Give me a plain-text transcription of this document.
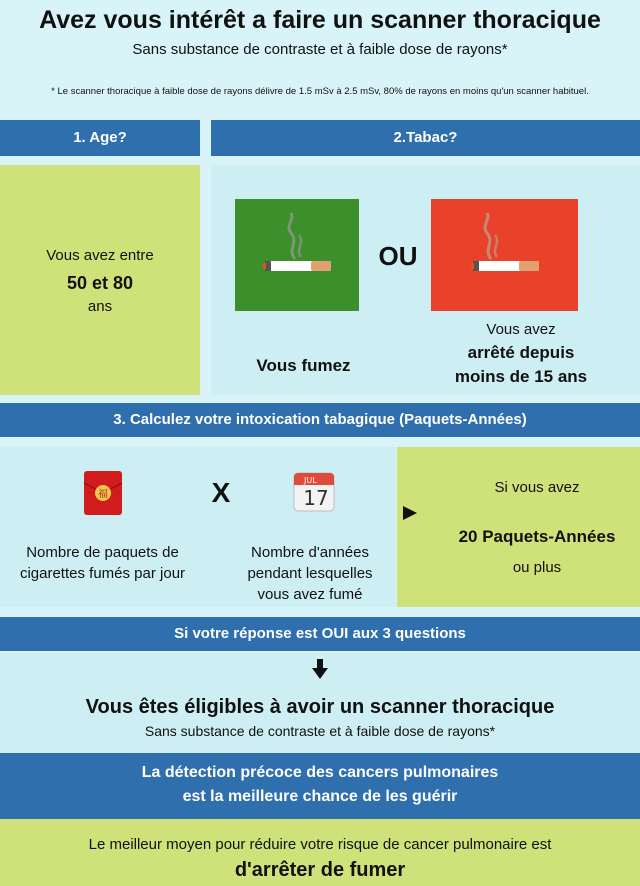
Avez vous intérêt a faire un scanner thoracique
Sans substance de contraste et à faible dose de rayons*
* Le scanner thoracique à faible dose de rayons délivre de 1.5 mSv à 2.5 mSv, 80% de rayons en moins qu'un scanner habituel.
1. Age?	2.Tabac?
Vous avez entre
50 et 80
ans
OU
Vous fumez
Vous avez
arrêté depuis
moins de 15 ans
3. Calculez votre intoxication tabagique (Paquets-Années)
福	X	JUL
17
Nombre de paquets de
cigarettes fumés par jour
Nombre d'années
pendant lesquelles
vous avez fumé
Si vous avez
20 Paquets-Années
ou plus
Si votre réponse est OUI aux 3 questions
Vous êtes éligibles à avoir un scanner thoracique
Sans substance de contraste et à faible dose de rayons*
La détection précoce des cancers pulmonaires
est la meilleure chance de les guérir
Le meilleur moyen pour réduire votre risque de cancer pulmonaire est
d'arrêter de fumer
